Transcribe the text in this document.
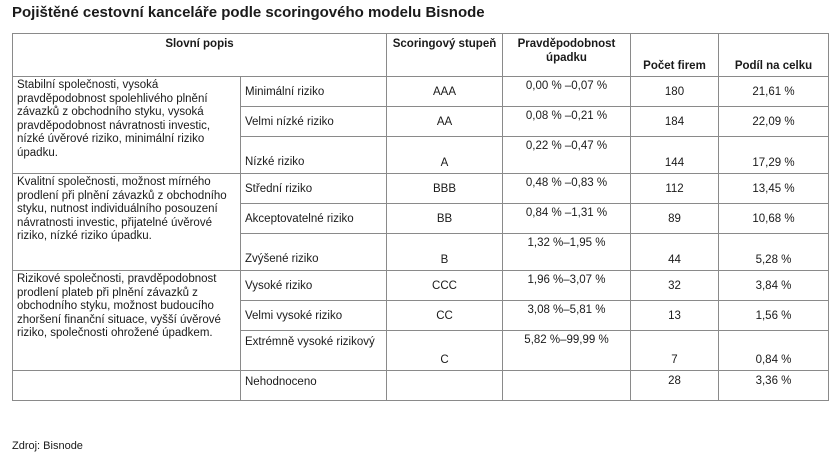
Pojištěné cestovní kanceláře podle scoringového modelu Bisnode
Slovní popis		Scoringový stupeň	Pravděpodobnost úpadku	Počet firem	Podíl na celku
Stabilní společnosti, vysoká pravděpodobnost spolehlivého plnění závazků z obchodního styku, vysoká pravděpodobnost návratnosti investic, nízké úvěrové riziko, minimální riziko úpadku.	Minimální riziko	AAA	0,00 % –0,07 %	180	21,61 %
	Velmi nízké riziko	AA	0,08 % –0,21 %	184	22,09 %
	Nízké riziko	A	0,22 % –0,47 %	144	17,29 %
Kvalitní společnosti, možnost mírného prodlení při plnění závazků z obchodního styku, nutnost individuálního posouzení návratnosti investic, přijatelné úvěrové riziko, nízké riziko úpadku.	Střední riziko	BBB	0,48 % –0,83 %	112	13,45 %
	Akceptovatelné riziko	BB	0,84 % –1,31 %	89	10,68 %
	Zvýšené riziko	B	1,32 %–1,95 %	44	5,28 %
Rizikové společnosti, pravděpodobnost prodlení plateb při plnění závazků z obchodního styku, možnost budoucího zhoršení finanční situace, vyšší úvěrové riziko, společnosti ohrožené úpadkem.	Vysoké riziko	CCC	1,96 %–3,07 %	32	3,84 %
	Velmi vysoké riziko	CC	3,08 %–5,81 %	13	1,56 %
	Extrémně vysoké rizikový	C	5,82 %–99,99 %	7	0,84 %
	Nehodnoceno			28	3,36 %
Zdroj: Bisnode
